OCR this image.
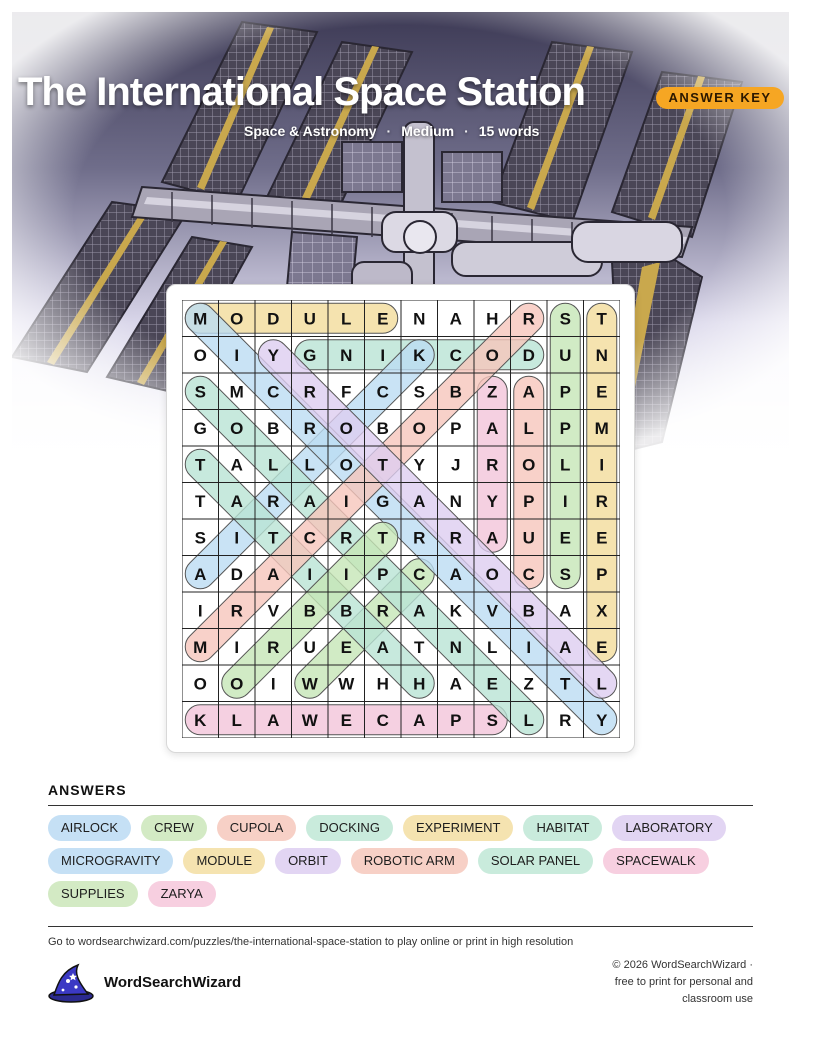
The International Space Station	ANSWER KEY
Space & Astronomy · Medium · 15 words
M O D U L E N A H R S T
O I Y G N I K C O D U N
S M C R F C S B Z A P E
G O B R O B O P A L P M
T A L L O T Y J R O L I
T A R A I G A N Y P I R
S I T C R T R R A U E E
A D A I I P C A O C S P
I R V B B R A K V B A X
M I R U E A T N L I A E
O O I W W H H A E Z T L
K L A W E C A P S L R Y
ANSWERS
AIRLOCK	CREW	CUPOLA	DOCKING	EXPERIMENT	HABITAT	LABORATORY
MICROGRAVITY	MODULE	ORBIT	ROBOTIC ARM	SOLAR PANEL	SPACEWALK
SUPPLIES	ZARYA
Go to wordsearchwizard.com/puzzles/the-international-space-station to play online or print in high resolution
WordSearchWizard
© 2026 WordSearchWizard ·
free to print for personal and
classroom use
